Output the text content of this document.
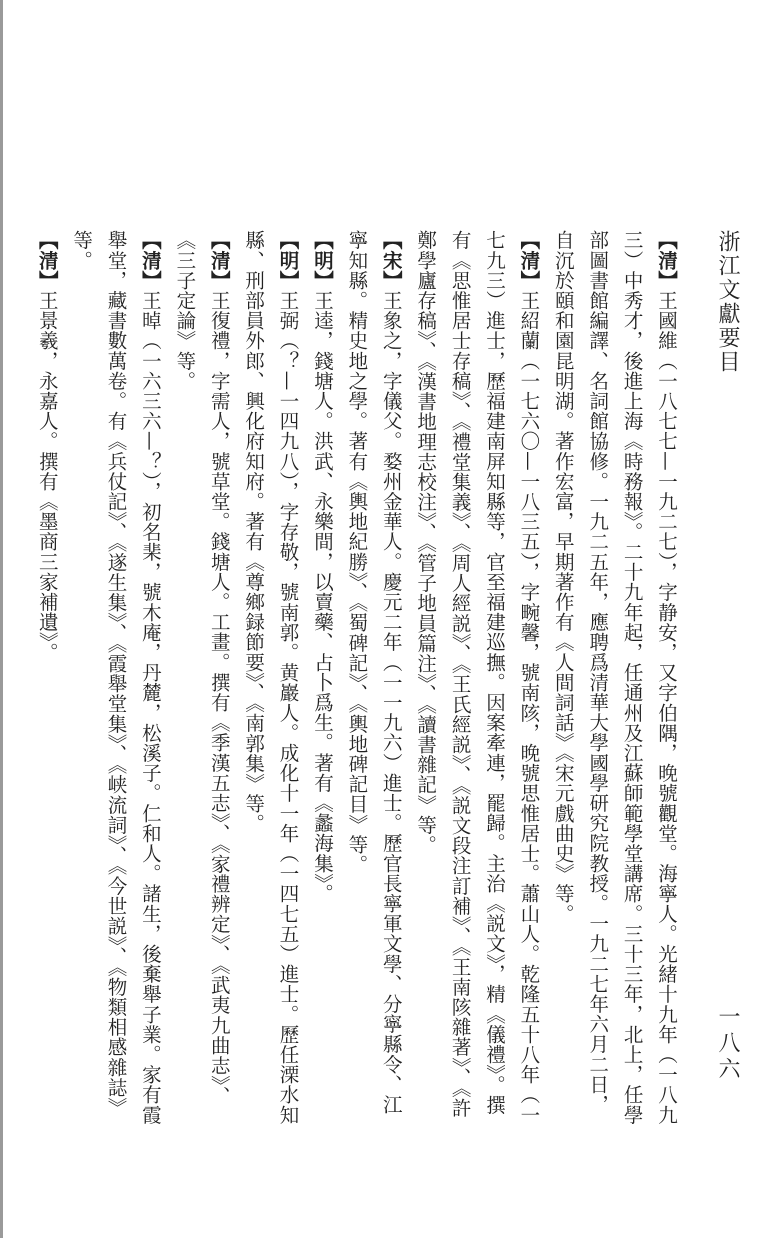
浙江文獻要目
一八六

【清】王國維（一八七七—一九二七），字静安，又字伯隅，晚號觀堂。海寧人。光緒十九年（一八九三）中秀才，後進上海《時務報》。二十九年起，任通州及江蘇師範學堂講席。三十三年，北上，任學部圖書館編譯、名詞館協修。一九二五年，應聘爲清華大學國學研究院教授。一九二七年六月二日，自沉於頤和園昆明湖。著作宏富，早期著作有《人間詞話》《宋元戲曲史》等。

【清】王紹蘭（一七六〇—一八三五），字畹馨，號南陔，晚號思惟居士。蕭山人。乾隆五十八年（一七九三）進士，歷福建南屏知縣等，官至福建巡撫。因案牽連，罷歸。主治《説文》，精《儀禮》。撰有《思惟居士存稿》、《禮堂集義》、《周人經説》、《王氏經説》、《説文段注訂補》、《王南陔雜著》、《許鄭學廬存稿》、《漢書地理志校注》、《管子地員篇注》、《讀書雜記》等。

【宋】王象之，字儀父。婺州金華人。慶元二年（一一九六）進士。歷官長寧軍文學、分寧縣令、江寧知縣。精史地之學。著有《輿地紀勝》、《蜀碑記》、《輿地碑記目》等。

【明】王逵，錢塘人。洪武、永樂間，以賣藥、占卜爲生。著有《蠡海集》。

【明】王弼（？—一四九八），字存敬，號南郭。黄巖人。成化十一年（一四七五）進士。歷任溧水知縣、刑部員外郎、興化府知府。著有《尊鄉録節要》、《南郭集》等。

【清】王復禮，字需人，號草堂。錢塘人。工畫。撰有《季漢五志》、《家禮辨定》、《武夷九曲志》、《三子定論》等。

【清】王晫（一六三六—？），初名棐，號木庵，丹麓，松溪子。仁和人。諸生，後棄舉子業。家有霞舉堂，藏書數萬卷。有《兵仗記》、《遂生集》、《霞舉堂集》、《峡流詞》、《今世説》、《物類相感雜誌》等。

【清】王景羲，永嘉人。撰有《墨商三家補遺》。
